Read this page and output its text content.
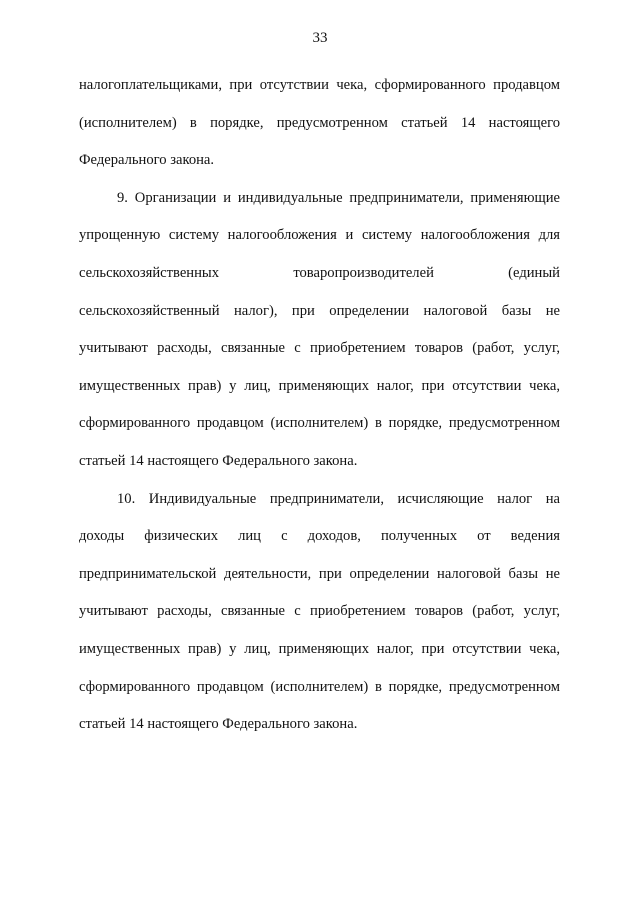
33
налогоплательщиками, при отсутствии чека, сформированного продавцом
(исполнителем) в порядке, предусмотренном статьей 14 настоящего
Федерального закона.
9. Организации и индивидуальные предприниматели, применяющие
упрощенную систему налогообложения и систему налогообложения для
сельскохозяйственных товаропроизводителей (единый
сельскохозяйственный налог), при определении налоговой базы не
учитывают расходы, связанные с приобретением товаров (работ, услуг,
имущественных прав) у лиц, применяющих налог, при отсутствии чека,
сформированного продавцом (исполнителем) в порядке, предусмотренном
статьей 14 настоящего Федерального закона.
10. Индивидуальные предприниматели, исчисляющие налог на
доходы физических лиц с доходов, полученных от ведения
предпринимательской деятельности, при определении налоговой базы не
учитывают расходы, связанные с приобретением товаров (работ, услуг,
имущественных прав) у лиц, применяющих налог, при отсутствии чека,
сформированного продавцом (исполнителем) в порядке, предусмотренном
статьей 14 настоящего Федерального закона.
